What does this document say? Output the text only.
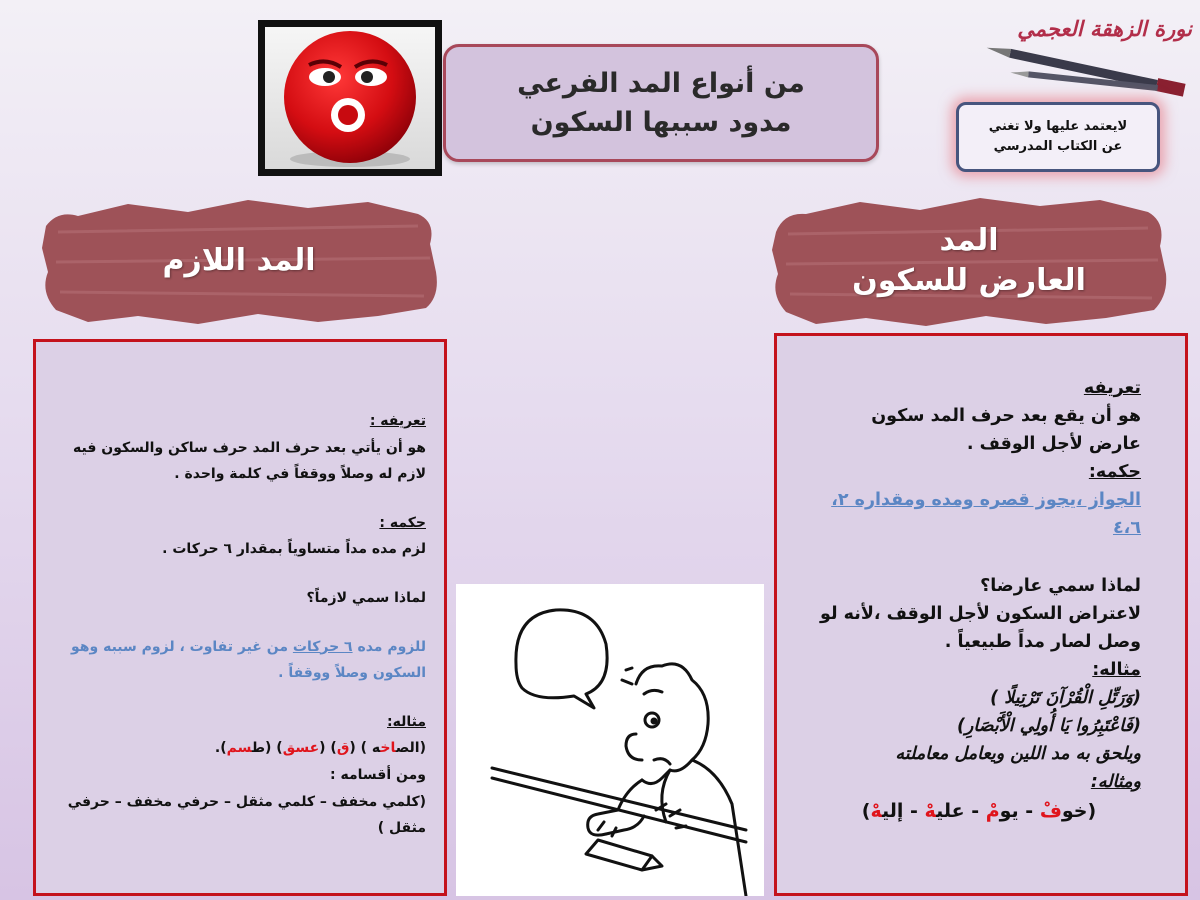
نورة الزهقة العجمي
من أنواع المد الفرعي
مدود سببها السكون	لايعتمد عليها ولا تغني
عن الكتاب المدرسي
المد اللازم
المد
العارض للسكون

تعريفه :

هو أن يأتي بعد حرف المد حرف ساكن والسكون فيه لازم له وصلاً ووقفاً في كلمة واحدة .

حكمه :

لزم مده مداً متساوياً بمقدار ٦ حركات .

لماذا سمي لازماً؟

للزوم مده ٦ حركات من غير تفاوت ، لزوم سببه وهو السكون وصلاً ووقفاً .

مثاله:

(الصاخه ) (ق) (عسق) (طسم).

ومن أقسامه :

(كلمي مخفف – كلمي مثقل – حرفي مخفف – حرفي مثقل )

تعريفه

هو أن يقع بعد حرف المد سكون عارض لأجل الوقف .

حكمه:

الجواز ،يجوز قصره ومده ومقداره ٢، ٤،٦

لماذا سمي عارضا؟

لاعتراض السكون لأجل الوقف ،لأنه لو وصل لصار مداً طبيعياً .

مثاله:

(وَرَتِّلِ الْقُرْآنَ تَرْتِيلًا )

(فَاعْتَبِرُوا يَا أُولِي الْأَبْصَارِ)

ويلحق به مد اللين ويعامل معاملته

ومثاله:

(خوفْ - يومْ - عليهْ - إليهْ)
